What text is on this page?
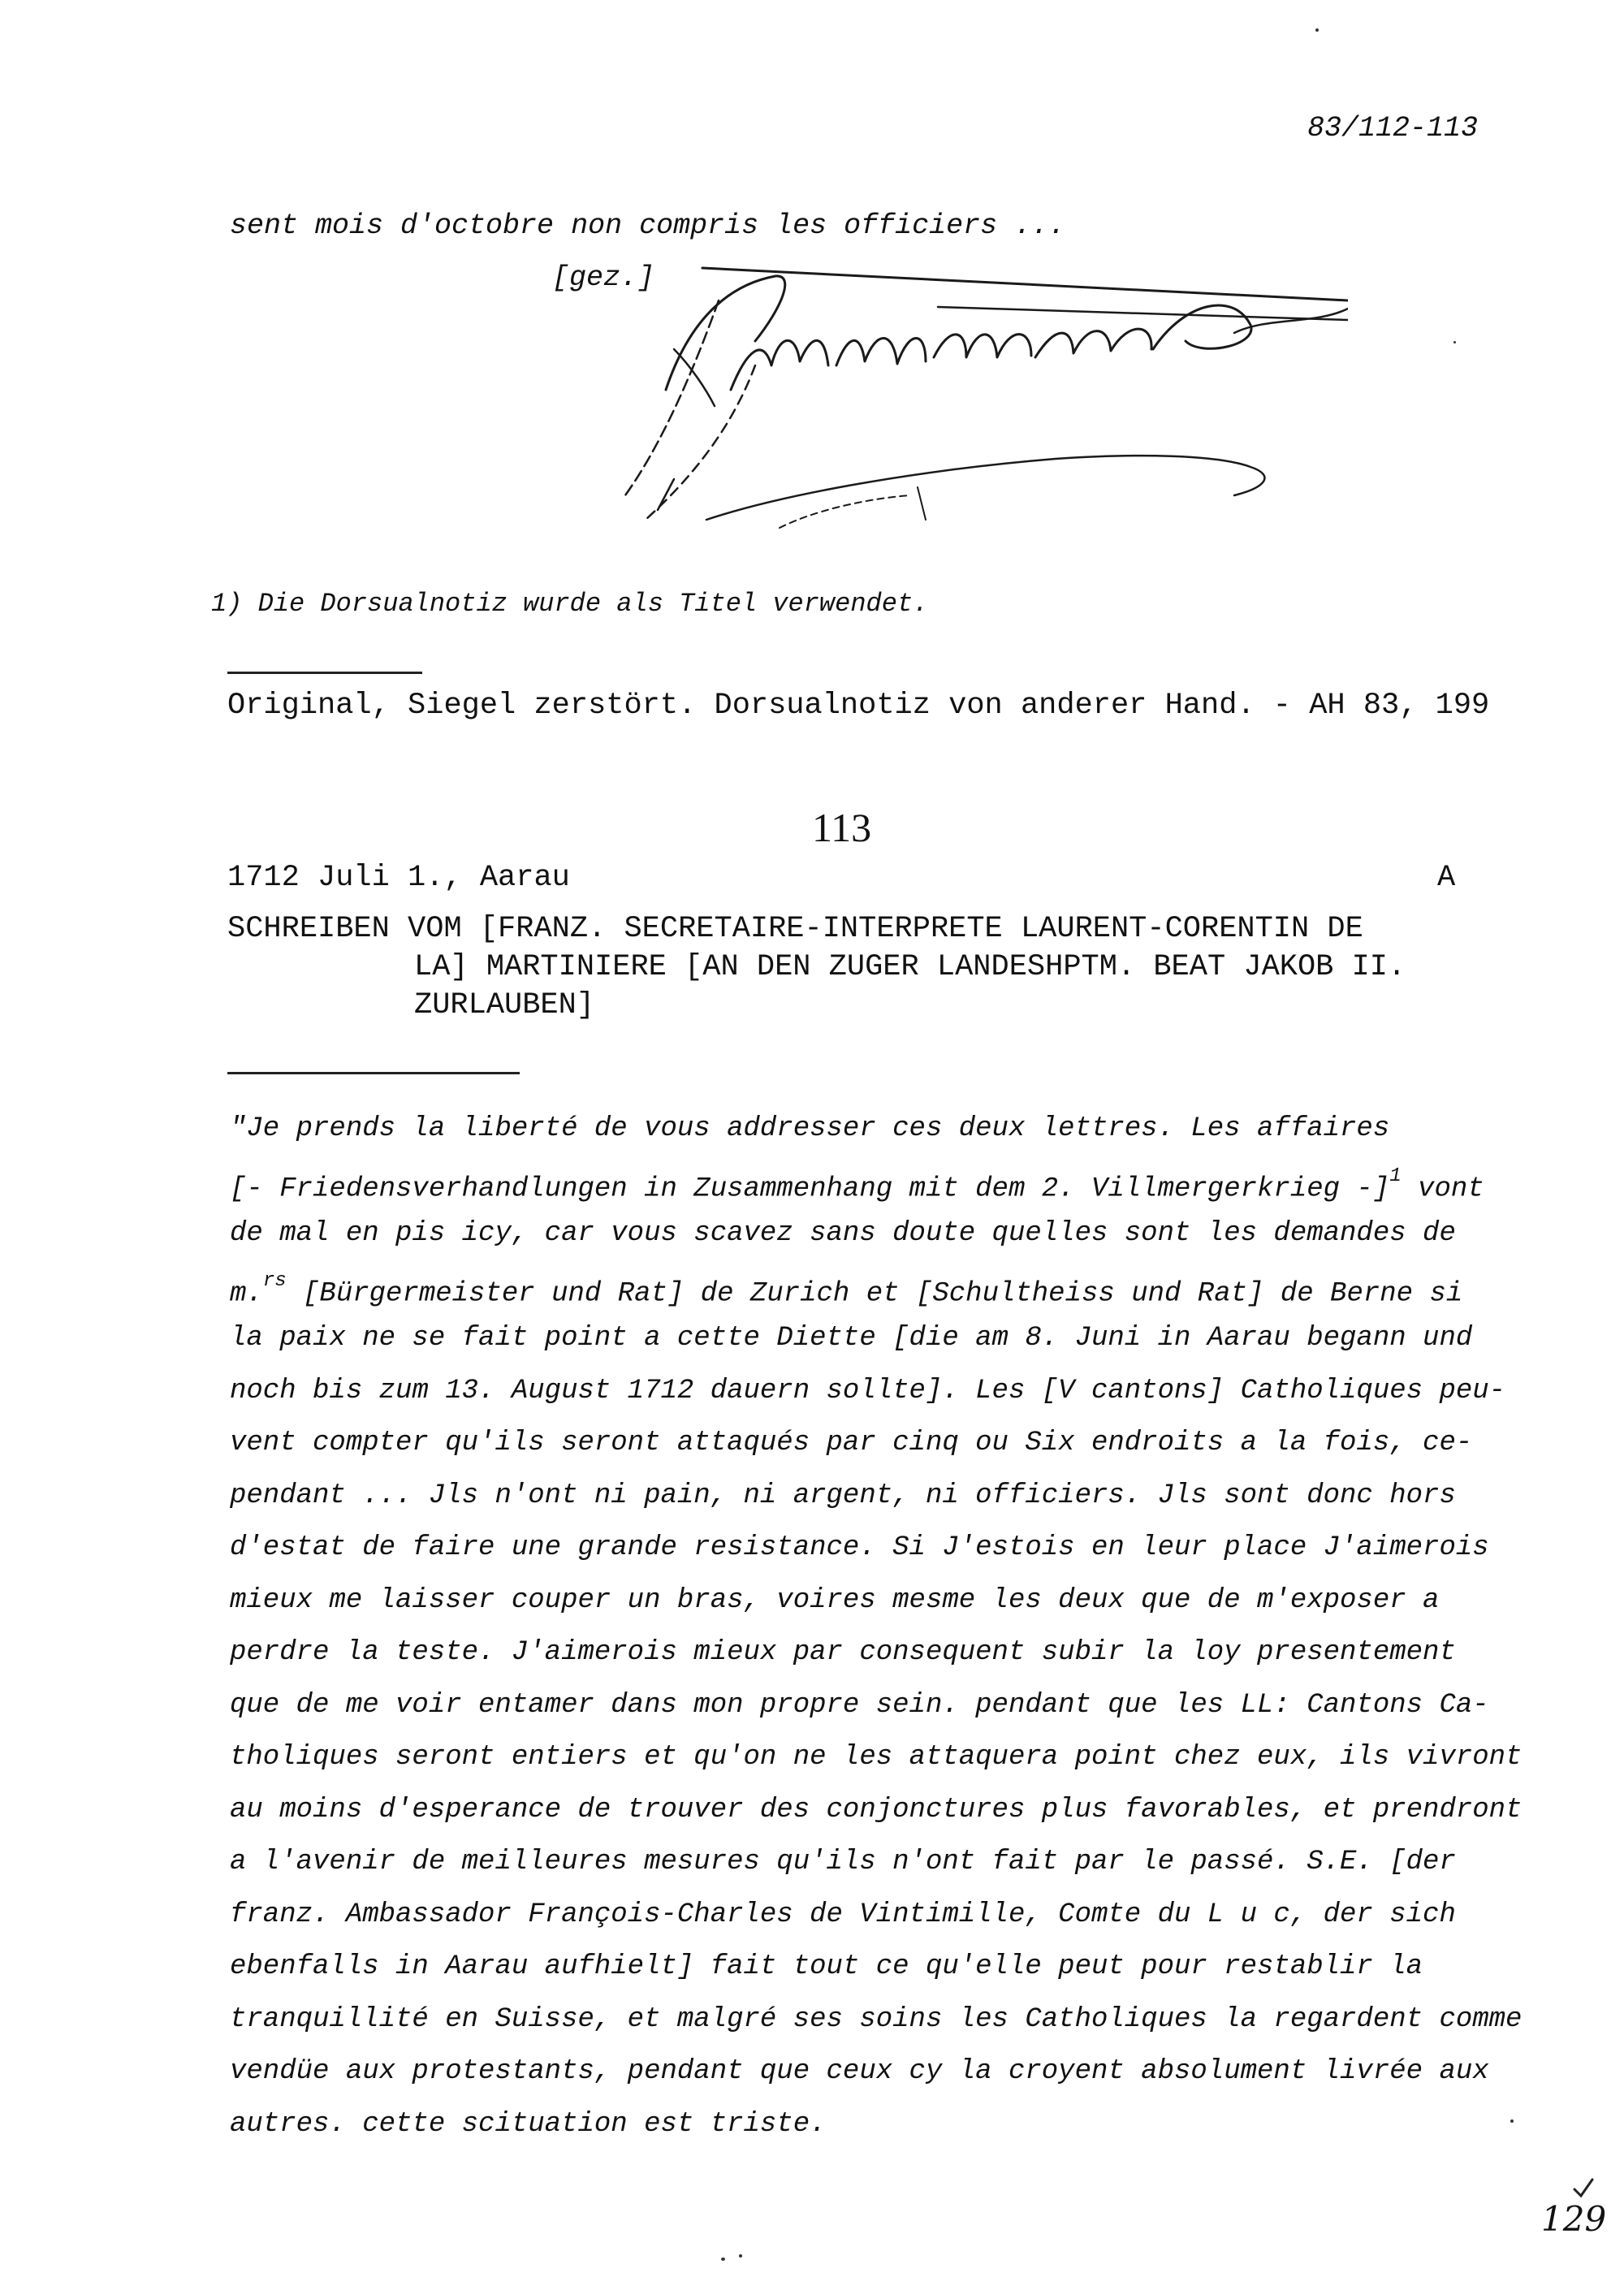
83/112-113
sent mois d'octobre non compris les officiers ...
[gez.]
1) Die Dorsualnotiz wurde als Titel verwendet.
Original, Siegel zerstört. Dorsualnotiz von anderer Hand. - AH 83, 199
113
1712 Juli 1., Aarau	A
SCHREIBEN VOM [FRANZ. SECRETAIRE-INTERPRETE LAURENT-CORENTIN DE
LA] MARTINIERE [AN DEN ZUGER LANDESHPTM. BEAT JAKOB II.
ZURLAUBEN]
"Je prends la liberté de vous addresser ces deux lettres. Les affaires
[- Friedensverhandlungen in Zusammenhang mit dem 2. Villmergerkrieg -]$^1$ vont
de mal en pis icy, car vous scavez sans doute quelles sont les demandes de
m.$^{rs}$ [Bürgermeister und Rat] de Zurich et [Schultheiss und Rat] de Berne si
la paix ne se fait point a cette Diette [die am 8. Juni in Aarau begann und
noch bis zum 13. August 1712 dauern sollte]. Les [V cantons] Catholiques peu-
vent compter qu'ils seront attaqués par cinq ou Six endroits a la fois, ce-
pendant ... Jls n'ont ni pain, ni argent, ni officiers. Jls sont donc hors
d'estat de faire une grande resistance. Si J'estois en leur place J'aimerois
mieux me laisser couper un bras, voires mesme les deux que de m'exposer a
perdre la teste. J'aimerois mieux par consequent subir la loy presentement
que de me voir entamer dans mon propre sein. pendant que les LL: Cantons Ca-
tholiques seront entiers et qu'on ne les attaquera point chez eux, ils vivront
au moins d'esperance de trouver des conjonctures plus favorables, et prendront
a l'avenir de meilleures mesures qu'ils n'ont fait par le passé. S.E. [der
franz. Ambassador François-Charles de Vintimille, Comte du L u c, der sich
ebenfalls in Aarau aufhielt] fait tout ce qu'elle peut pour restablir la
tranquillité en Suisse, et malgré ses soins les Catholiques la regardent comme
vendüe aux protestants, pendant que ceux cy la croyent absolument livrée aux
autres. cette scituation est triste.
129
